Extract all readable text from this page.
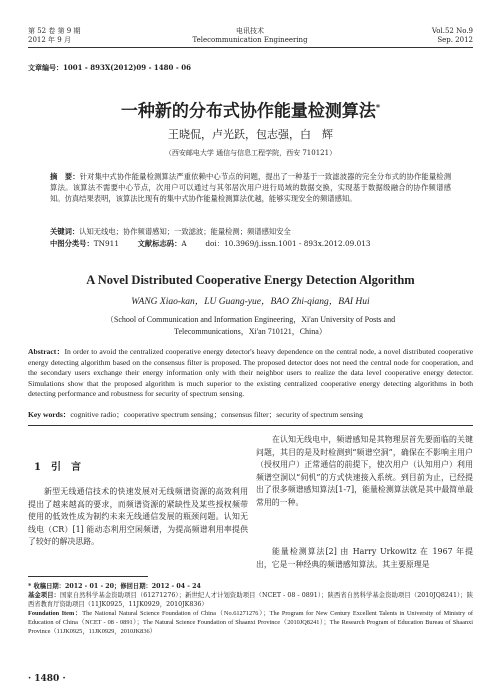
第 52 卷 第 9 期
2012 年 9 月
电讯技术
Telecommunication Engineering
Vol.52 No.9
Sep. 2012
文章编号：1001 - 893X(2012)09 - 1480 - 06
一种新的分布式协作能量检测算法*
王晓侃，卢光跃，包志强，白　辉
（西安邮电大学 通信与信息工程学院，西安 710121）
摘　要：针对集中式协作能量检测算法严重依赖中心节点的问题，提出了一种基于一致滤波器的完全分布式的协作能量检测算法。该算法不需要中心节点，次用户可以通过与其邻居次用户进行局域的数据交换，实现基于数据级融合的协作频谱感知。仿真结果表明，该算法比现有的集中式协作能量检测算法优越，能够实现安全的频谱感知。
关键词：认知无线电；协作频谱感知；一致滤波；能量检测；频谱感知安全
中图分类号：TN911	文献标志码：A	doi：10.3969/j.issn.1001 - 893x.2012.09.013
A Novel Distributed Cooperative Energy Detection Algorithm
WANG Xiao-kan，LU Guang-yue，BAO Zhi-qiang，BAI Hui
（School of Communication and Information Engineering，Xi'an University of Posts and
Telecommunications，Xi'an 710121，China）
Abstract：In order to avoid the centralized cooperative energy detector's heavy dependence on the central node, a novel distributed cooperative energy detecting algorithm based on the consensus filter is proposed. The proposed detector does not need the central node for cooperation, and the secondary users exchange their energy information only with their neighbor users to realize the data level cooperative energy detector. Simulations show that the proposed algorithm is much superior to the existing centralized cooperative energy detecting algorithms in both detecting performance and robustness for security of spectrum sensing.
Key words：cognitive radio；cooperative spectrum sensing；consensus filter；security of spectrum sensing
1　引　言
新型无线通信技术的快速发展对无线频谱资源的高效利用提出了越来越高的要求，而频谱资源的紧缺性及某些授权频带使用的低效性成为制约未来无线通信发展的瓶颈问题。认知无线电（CR）[1] 能动态利用空闲频谱，为提高频谱利用率提供了较好的解决思路。
在认知无线电中，频谱感知是其物理层首先要面临的关键问题，其目的是及时检测到“频谱空洞”，确保在不影响主用户（授权用户）正常通信的前提下，使次用户（认知用户）利用频谱空洞以“伺机”的方式快速接入系统。到目前为止，已经提出了很多频谱感知算法[1-7]，能量检测算法就是其中最简单最常用的一种。
能量检测算法[2] 由 Harry Urkowitz 在 1967 年提出，它是一种经典的频谱感知算法。其主要原理是
* 收稿日期：2012 - 01 - 20；修回日期：2012 - 04 - 24
基金项目：国家自然科学基金资助项目（61271276）；新世纪人才计划资助项目（NCET - 08 - 0891）；陕西省自然科学基金资助项目（2010JQ8241）；陕西省教育厅资助项目（11JK0925，11JK0929，2010JK836）
Foundation Item：The National Natural Science Foundation of China（No.61271276）；The Program for New Century Excellent Talents in University of Ministry of Education of China（NCET - 08 - 0891）；The Natural Science Foundation of Shaanxi Province（2010JQ8241）；The Research Program of Education Bureau of Shaanxi Province（11JK0925，11JK0929，2010JK836）
· 1480 ·
